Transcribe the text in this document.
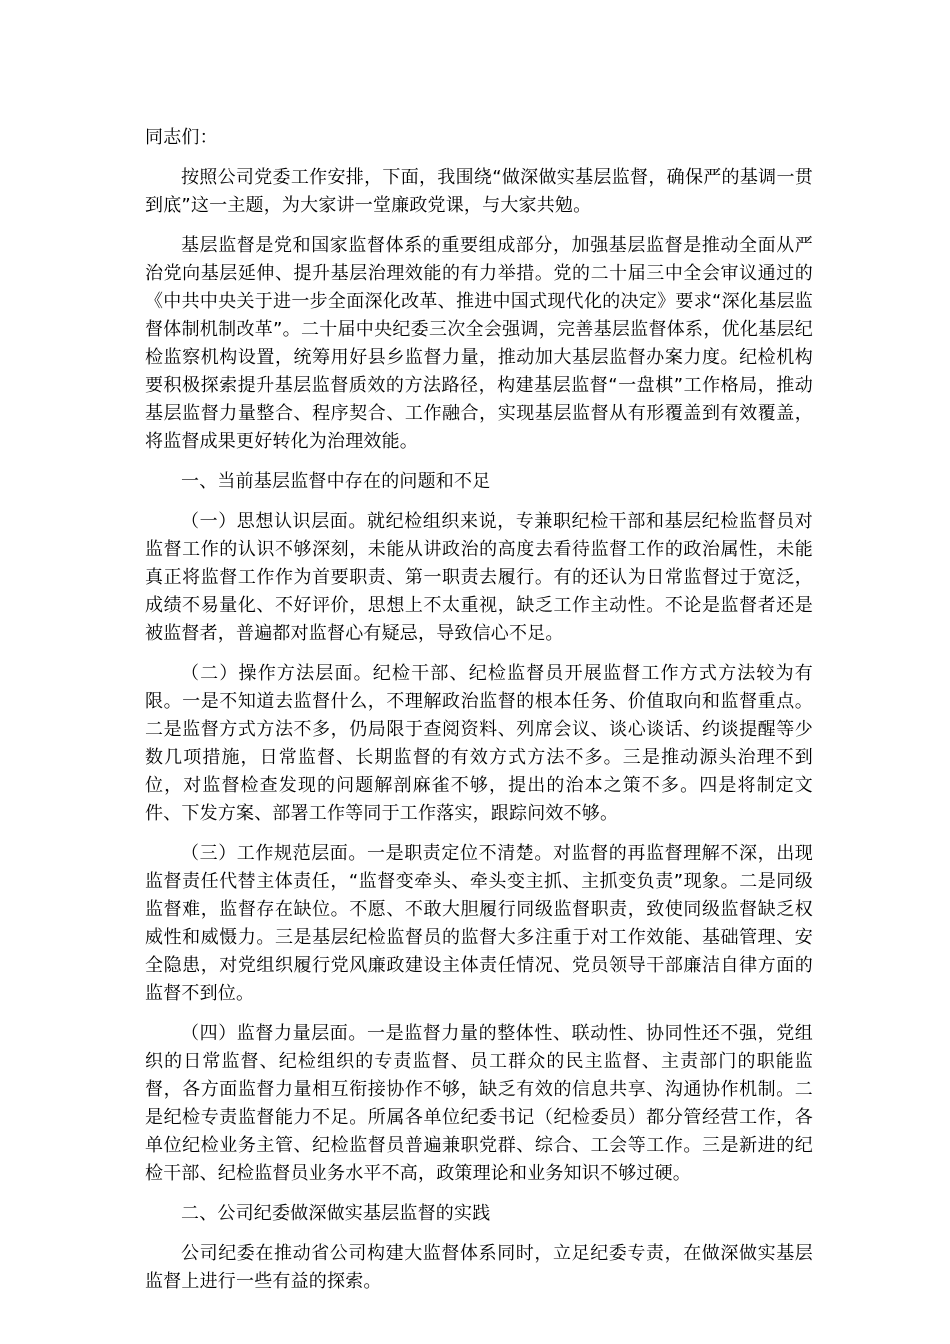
同志们：

按照公司党委工作安排，下面，我围绕“做深做实基层监督，确保严的基调一贯到底”这一主题，为大家讲一堂廉政党课，与大家共勉。

基层监督是党和国家监督体系的重要组成部分，加强基层监督是推动全面从严治党向基层延伸、提升基层治理效能的有力举措。党的二十届三中全会审议通过的《中共中央关于进一步全面深化改革、推进中国式现代化的决定》要求“深化基层监督体制机制改革”。二十届中央纪委三次全会强调，完善基层监督体系，优化基层纪检监察机构设置，统筹用好县乡监督力量，推动加大基层监督办案力度。纪检机构要积极探索提升基层监督质效的方法路径，构建基层监督“一盘棋”工作格局，推动基层监督力量整合、程序契合、工作融合，实现基层监督从有形覆盖到有效覆盖，将监督成果更好转化为治理效能。

一、当前基层监督中存在的问题和不足

（一）思想认识层面。就纪检组织来说，专兼职纪检干部和基层纪检监督员对监督工作的认识不够深刻，未能从讲政治的高度去看待监督工作的政治属性，未能真正将监督工作作为首要职责、第一职责去履行。有的还认为日常监督过于宽泛，成绩不易量化、不好评价，思想上不太重视，缺乏工作主动性。不论是监督者还是被监督者，普遍都对监督心有疑忌，导致信心不足。

（二）操作方法层面。纪检干部、纪检监督员开展监督工作方式方法较为有限。一是不知道去监督什么，不理解政治监督的根本任务、价值取向和监督重点。二是监督方式方法不多，仍局限于查阅资料、列席会议、谈心谈话、约谈提醒等少数几项措施，日常监督、长期监督的有效方式方法不多。三是推动源头治理不到位，对监督检查发现的问题解剖麻雀不够，提出的治本之策不多。四是将制定文件、下发方案、部署工作等同于工作落实，跟踪问效不够。

（三）工作规范层面。一是职责定位不清楚。对监督的再监督理解不深，出现监督责任代替主体责任，“监督变牵头、牵头变主抓、主抓变负责”现象。二是同级监督难，监督存在缺位。不愿、不敢大胆履行同级监督职责，致使同级监督缺乏权威性和威慑力。三是基层纪检监督员的监督大多注重于对工作效能、基础管理、安全隐患，对党组织履行党风廉政建设主体责任情况、党员领导干部廉洁自律方面的监督不到位。

（四）监督力量层面。一是监督力量的整体性、联动性、协同性还不强，党组织的日常监督、纪检组织的专责监督、员工群众的民主监督、主责部门的职能监督，各方面监督力量相互衔接协作不够，缺乏有效的信息共享、沟通协作机制。二是纪检专责监督能力不足。所属各单位纪委书记（纪检委员）都分管经营工作，各单位纪检业务主管、纪检监督员普遍兼职党群、综合、工会等工作。三是新进的纪检干部、纪检监督员业务水平不高，政策理论和业务知识不够过硬。

二、公司纪委做深做实基层监督的实践

公司纪委在推动省公司构建大监督体系同时，立足纪委专责，在做深做实基层监督上进行一些有益的探索。
